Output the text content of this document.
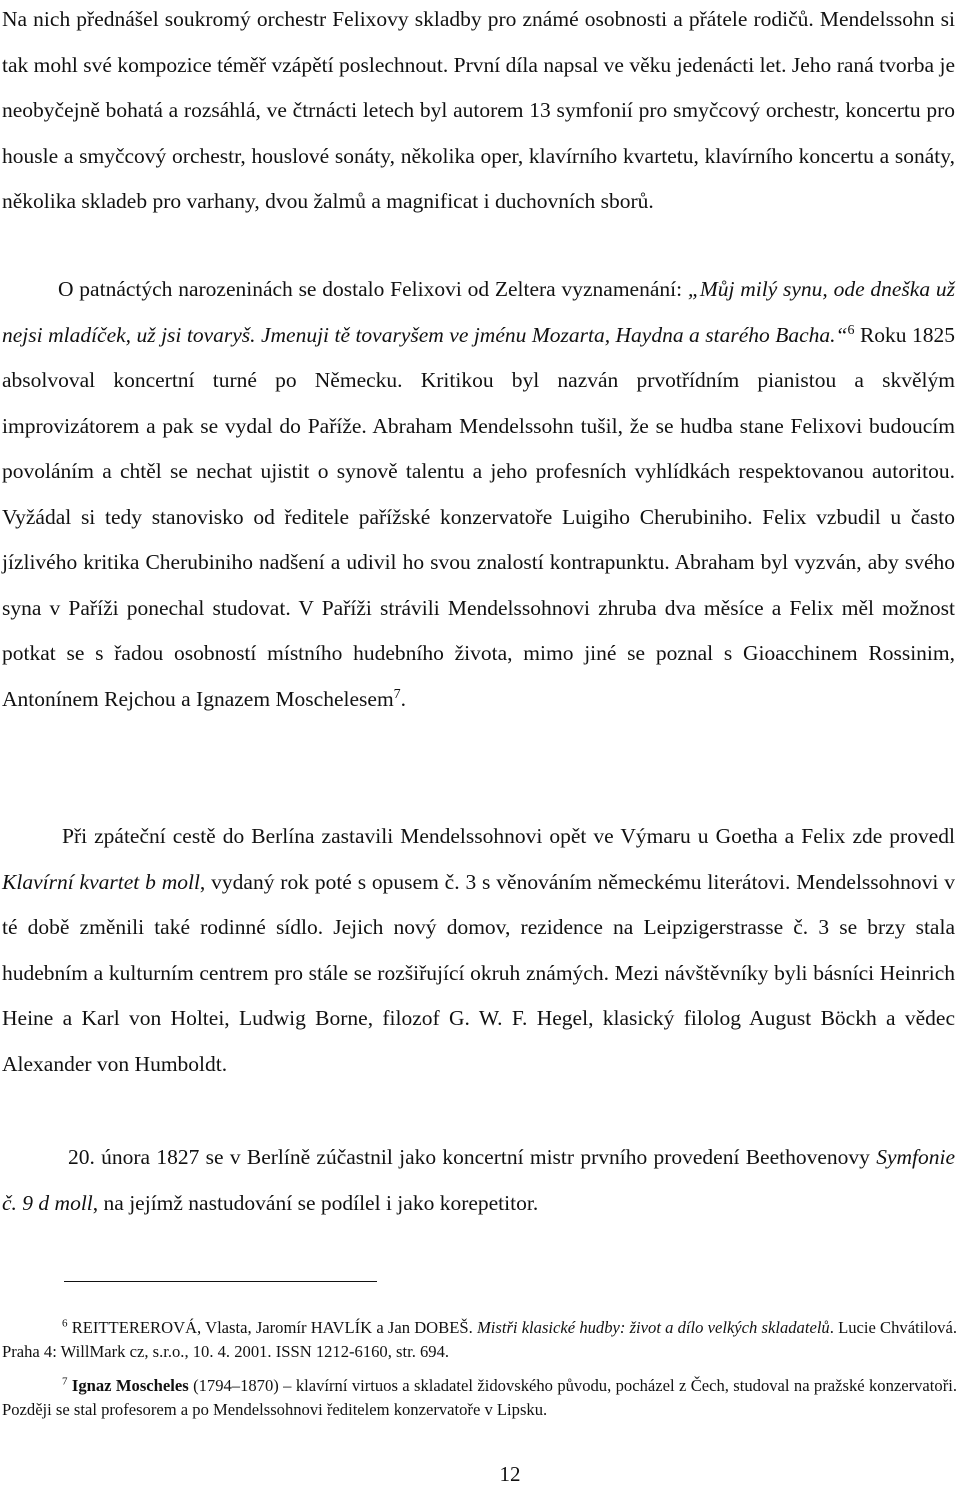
Na nich přednášel soukromý orchestr Felixovy skladby pro známé osobnosti a přátele rodičů. Mendelssohn si tak mohl své kompozice téměř vzápětí poslechnout. První díla napsal ve věku jedenácti let. Jeho raná tvorba je neobyčejně bohatá a rozsáhlá, ve čtrnácti letech byl autorem 13 symfonií pro smyčcový orchestr, koncertu pro housle a smyčcový orchestr, houslové sonáty, několika oper, klavírního kvartetu, klavírního koncertu a sonáty, několika skladeb pro varhany, dvou žalmů a magnificat i duchovních sborů.

O patnáctých narozeninách se dostalo Felixovi od Zeltera vyznamenání: „Můj milý synu, ode dneška už nejsi mladíček, už jsi tovaryš. Jmenuji tě tovaryšem ve jménu Mozarta, Haydna a starého Bacha.“$^6$ Roku 1825 absolvoval koncertní turné po Německu. Kritikou byl nazván prvotřídním pianistou a skvělým improvizátorem a pak se vydal do Paříže. Abraham Mendelssohn tušil, že se hudba stane Felixovi budoucím povoláním a chtěl se nechat ujistit o synově talentu a jeho profesních vyhlídkách respektovanou autoritou. Vyžádal si tedy stanovisko od ředitele pařížské konzervatoře Luigiho Cherubiniho. Felix vzbudil u často jízlivého kritika Cherubiniho nadšení a udivil ho svou znalostí kontrapunktu. Abraham byl vyzván, aby svého syna v Paříži ponechal studovat. V Paříži strávili Mendelssohnovi zhruba dva měsíce a Felix měl možnost potkat se s řadou osobností místního hudebního života, mimo jiné se poznal s Gioacchinem Rossinim, Antonínem Rejchou a Ignazem Moschelesem$^7$.

Při zpáteční cestě do Berlína zastavili Mendelssohnovi opět ve Výmaru u Goetha a Felix zde provedl Klavírní kvartet b moll, vydaný rok poté s opusem č. 3 s věnováním německému literátovi. Mendelssohnovi v té době změnili také rodinné sídlo. Jejich nový domov, rezidence na Leipzigerstrasse č. 3 se brzy stala hudebním a kulturním centrem pro stále se rozšiřující okruh známých. Mezi návštěvníky byli básníci Heinrich Heine a Karl von Holtei, Ludwig Borne, filozof G. W. F. Hegel, klasický filolog August Böckh a vědec Alexander von Humboldt.

20. února 1827 se v Berlíně zúčastnil jako koncertní mistr prvního provedení Beethovenovy Symfonie č. 9 d moll, na jejímž nastudování se podílel i jako korepetitor.

$^6$ REITTEREROVÁ, Vlasta, Jaromír HAVLÍK a Jan DOBEŠ. Mistři klasické hudby: život a dílo velkých skladatelů. Lucie Chvátilová. Praha 4: WillMark cz, s.r.o., 10. 4. 2001. ISSN 1212-6160, str. 694.

$^7$ Ignaz Moscheles (1794–1870) – klavírní virtuos a skladatel židovského původu, pocházel z Čech, studoval na pražské konzervatoři. Později se stal profesorem a po Mendelssohnovi ředitelem konzervatoře v Lipsku.

12
